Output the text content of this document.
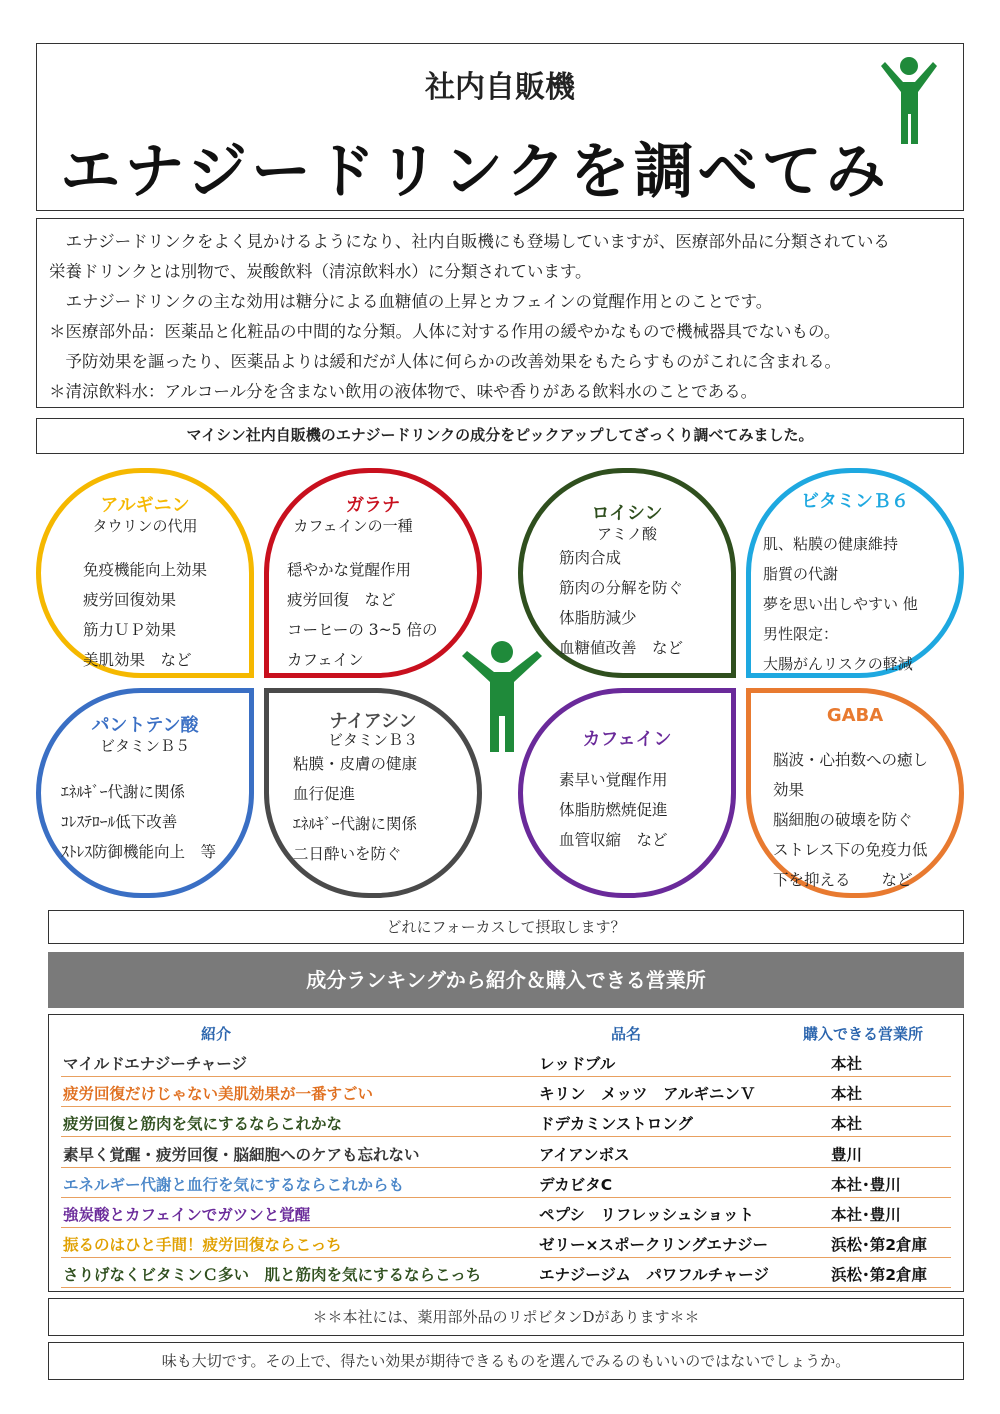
社内自販機
エナジードリンクを調べてみ

　エナジードリンクをよく見かけるようになり、社内自販機にも登場していますが、医療部外品に分類されている

栄養ドリンクとは別物で、炭酸飲料（清涼飲料水）に分類されています。

　エナジードリンクの主な効用は糖分による血糖値の上昇とカフェインの覚醒作用とのことです。

＊医療部外品：医薬品と化粧品の中間的な分類。人体に対する作用の緩やかなもので機械器具でないもの。

　予防効果を謳ったり、医薬品よりは緩和だが人体に何らかの改善効果をもたらすものがこれに含まれる。

＊清涼飲料水：アルコール分を含まない飲用の液体物で、味や香りがある飲料水のことである。

マイシン社内自販機のエナジードリンクの成分をピックアップしてざっくり調べてみました。
アルギニン
タウリンの代用
免疫機能向上効果
疲労回復効果
筋力ＵＰ効果
美肌効果　など
ガラナ
カフェインの一種
穏やかな覚醒作用
疲労回復　など
コーヒーの 3~5 倍の
カフェイン
ロイシン
アミノ酸
筋肉合成
筋肉の分解を防ぐ
体脂肪減少
血糖値改善　など
ビタミンＢ６
肌、粘膜の健康維持
脂質の代謝
夢を思い出しやすい 他
男性限定：
大腸がんリスクの軽減
パントテン酸
ビタミンＢ５
ｴﾈﾙｷﾞｰ代謝に関係
ｺﾚｽﾃﾛｰﾙ低下改善
ｽﾄﾚｽ防御機能向上　等
ナイアシン
ビタミンＢ３
粘膜・皮膚の健康
血行促進
ｴﾈﾙｷﾞｰ代謝に関係
二日酔いを防ぐ
カフェイン
素早い覚醒作用
体脂肪燃焼促進
血管収縮　など
GABA
脳波・心拍数への癒し
効果
脳細胞の破壊を防ぐ
ストレス下の免疫力低
下を抑える　　など
どれにフォーカスして摂取します？
成分ランキングから紹介＆購入できる営業所
紹介	品名	購入できる営業所
マイルドエナジーチャージ	レッドブル	本社
疲労回復だけじゃない美肌効果が一番すごい	キリン　メッツ　アルギニンＶ	本社
疲労回復と筋肉を気にするならこれかな	ドデカミンストロング	本社
素早く覚醒・疲労回復・脳細胞へのケアも忘れない	アイアンボス	豊川
エネルギー代謝と血行を気にするならこれからも	デカビタC	本社･豊川
強炭酸とカフェインでガツンと覚醒	ペプシ　リフレッシュショット	本社･豊川
振るのはひと手間！疲労回復ならこっち	ゼリー×スポークリングエナジー	浜松･第2倉庫
さりげなくビタミンＣ多い　肌と筋肉を気にするならこっち	エナジージム　パワフルチャージ	浜松･第2倉庫
＊＊本社には、薬用部外品のリポビタンDがあります＊＊
味も大切です。その上で、得たい効果が期待できるものを選んでみるのもいいのではないでしょうか。
